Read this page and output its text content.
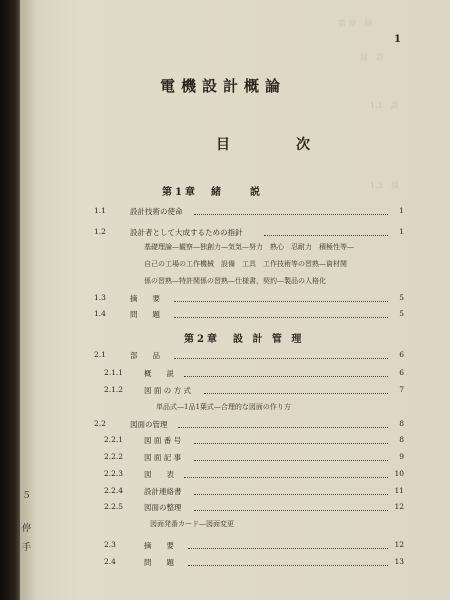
第 章　緒
緒　設
1.1　設
1.3　摘
1
電機設計概論
目　次
第1章　緒　　説
1.1	設計技術の使命	1
1.2	設計者として大成するための指針	1
基礎理論—観察—独創力—気気—努力　熟心　忍耐力　積極性等—
自己の工場の工作機械　設備　工具　工作技術等の習熟—資材関
係の習熟—特許関係の習熟—仕様書，契約—製品の人格化
1.3	摘　　要	5
1.4	問　　題	5
第2章　設 計 管 理
2.1	部　　品	6
2.1.1	概　　説	6
2.1.2	図 面 の 方 式	7
単品式—1品1葉式—合理的な図面の作り方
2.2	図面の管理	8
2.2.1	図 面 番 号	8
2.2.2	図 面 記 事	9
2.2.3	図　　表	10
2.2.4	設計連絡書	11
2.2.5	図面の整理	12
図面発番カード—図面変更
2.3	摘　　要	12
2.4	問　　題	13
５
停
手
